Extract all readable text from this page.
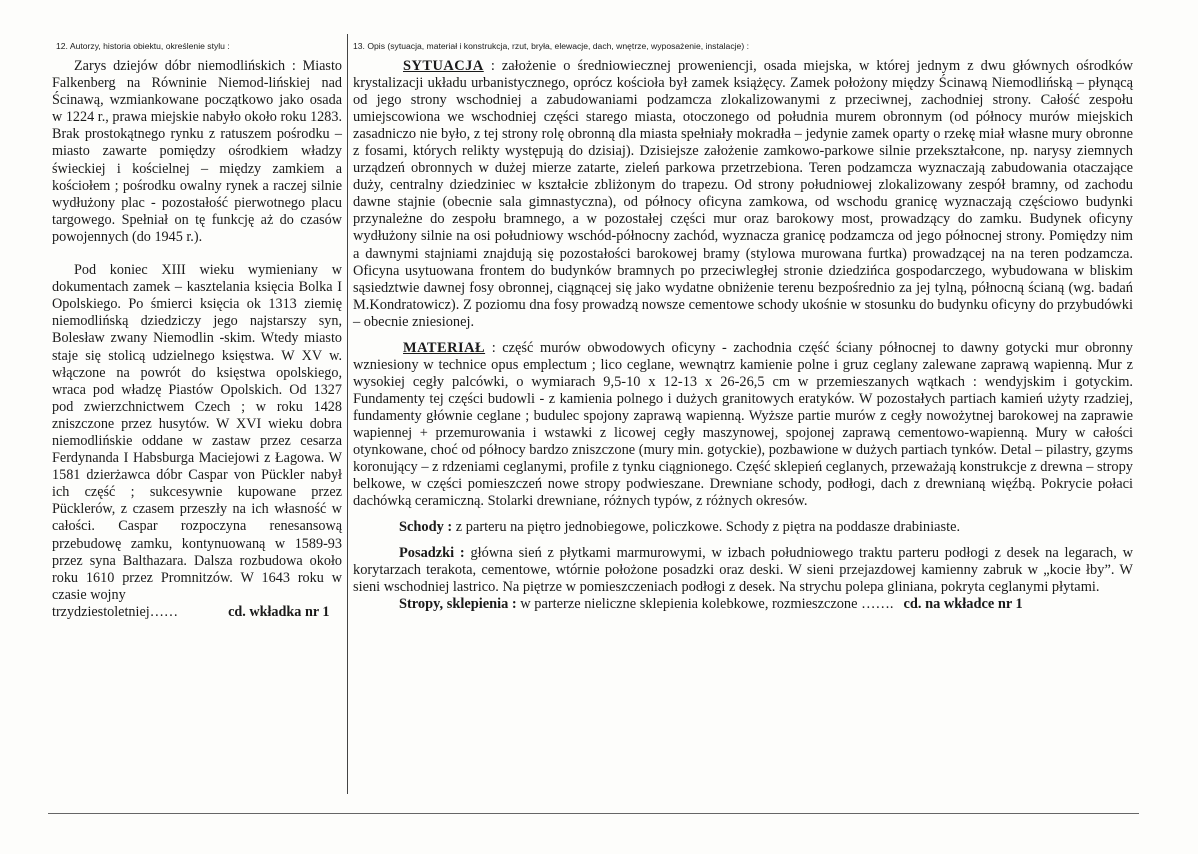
12. Autorzy, historia obiektu, określenie stylu :

Zarys dziejów dóbr niemodlińskich : Miasto Falkenberg na Równinie Niemod-lińskiej nad Ścinawą, wzmiankowane początkowo jako osada w 1224 r., prawa miejskie nabyło około roku 1283. Brak prostokątnego rynku z ratuszem pośrodku – miasto zawarte pomiędzy ośrodkiem władzy świeckiej i kościelnej – między zamkiem a kościołem ; pośrodku owalny rynek a raczej silnie wydłużony plac - pozostałość pierwotnego placu targowego. Spełniał on tę funkcję aż do czasów powojennych (do 1945 r.).

Pod koniec XIII wieku wymieniany w dokumentach zamek – kasztelania księcia Bolka I Opolskiego. Po śmierci księcia ok 1313 ziemię niemodlińską dziedziczy jego najstarszy syn, Bolesław zwany Niemodlin -skim. Wtedy miasto staje się stolicą udzielnego księstwa. W XV w. włączone na powrót do księstwa opolskiego, wraca pod władzę Piastów Opolskich. Od 1327 pod zwierzchnictwem Czech ; w roku 1428 zniszczone przez husytów. W XVI wieku dobra niemodlińskie oddane w zastaw przez cesarza Ferdynanda I Habsburga Maciejowi z Łagowa. W 1581 dzierżawca dóbr Caspar von Pückler nabył ich część ; sukcesywnie kupowane przez Pücklerów, z czasem przeszły na ich własność w całości. Caspar rozpoczyna renesansową przebudowę zamku, kontynuowaną w 1589-93 przez syna Balthazara. Dalsza rozbudowa około roku 1610 przez Promnitzów. W 1643 roku w czasie wojny

trzydziestoletniej……	cd. wkładka nr 1

13. Opis (sytuacja, materiał i konstrukcja, rzut, bryła, elewacje, dach, wnętrze, wyposażenie, instalacje) :

SYTUACJA : założenie o średniowiecznej proweniencji, osada miejska, w której jednym z dwu głównych ośrodków krystalizacji układu urbanistycznego, oprócz kościoła był zamek książęcy. Zamek położony między Ścinawą Niemodlińską – płynącą od jego strony wschodniej a zabudowaniami podzamcza zlokalizowanymi z przeciwnej, zachodniej strony. Całość zespołu umiejscowiona we wschodniej części starego miasta, otoczonego od południa murem obronnym (od północy murów miejskich zasadniczo nie było, z tej strony rolę obronną dla miasta spełniały mokradła – jedynie zamek oparty o rzekę miał własne mury obronne z fosami, których relikty występują do dzisiaj). Dzisiejsze założenie zamkowo-parkowe silnie przekształcone, np. narysy ziemnych urządzeń obronnych w dużej mierze zatarte, zieleń parkowa przetrzebiona. Teren podzamcza wyznaczają zabudowania otaczające duży, centralny dziedziniec w kształcie zbliżonym do trapezu. Od strony południowej zlokalizowany zespół bramny, od zachodu dawne stajnie (obecnie sala gimnastyczna), od północy oficyna zamkowa, od wschodu granicę wyznaczają częściowo budynki przynależne do zespołu bramnego, a w pozostałej części mur oraz barokowy most, prowadzący do zamku. Budynek oficyny wydłużony silnie na osi południowy wschód-północny zachód, wyznacza granicę podzamcza od jego północnej strony. Pomiędzy nim a dawnymi stajniami znajdują się pozostałości barokowej bramy (stylowa murowana furtka) prowadzącej na na teren podzamcza. Oficyna usytuowana frontem do budynków bramnych po przeciwległej stronie dziedzińca gospodarczego, wybudowana w bliskim sąsiedztwie dawnej fosy obronnej, ciągnącej się jako wydatne obniżenie terenu bezpośrednio za jej tylną, północną ścianą (wg. badań M.Kondratowicz). Z poziomu dna fosy prowadzą nowsze cementowe schody ukośnie w stosunku do budynku oficyny do przybudówki – obecnie zniesionej.

MATERIAŁ : część murów obwodowych oficyny - zachodnia część ściany północnej to dawny gotycki mur obronny wzniesiony w technice opus emplectum ; lico ceglane, wewnątrz kamienie polne i gruz ceglany zalewane zaprawą wapienną. Mur z wysokiej cegły palcówki, o wymiarach 9,5-10 x 12-13 x 26-26,5 cm w przemieszanych wątkach : wendyjskim i gotyckim. Fundamenty tej części budowli - z kamienia polnego i dużych granitowych eratyków. W pozostałych partiach kamień użyty rzadziej, fundamenty głównie ceglane ; budulec spojony zaprawą wapienną. Wyższe partie murów z cegły nowożytnej barokowej na zaprawie wapiennej + przemurowania i wstawki z licowej cegły maszynowej, spojonej zaprawą cementowo-wapienną. Mury w całości otynkowane, choć od północy bardzo zniszczone (mury min. gotyckie), pozbawione w dużych partiach tynków. Detal – pilastry, gzyms koronujący – z rdzeniami ceglanymi, profile z tynku ciągnionego. Część sklepień ceglanych, przeważają konstrukcje z drewna – stropy belkowe, w części pomieszczeń nowe stropy podwieszane. Drewniane schody, podłogi, dach z drewnianą więźbą. Pokrycie połaci dachówką ceramiczną. Stolarki drewniane, różnych typów, z różnych okresów.

Schody : z parteru na piętro jednobiegowe, policzkowe. Schody z piętra na poddasze drabiniaste.

Posadzki : główna sień z płytkami marmurowymi, w izbach południowego traktu parteru podłogi z desek na legarach, w korytarzach terakota, cementowe, wtórnie położone posadzki oraz deski. W sieni przejazdowej kamienny zabruk w „kocie łby”. W sieni wschodniej lastrico. Na piętrze w pomieszczeniach podłogi z desek. Na strychu polepa gliniana, pokryta ceglanymi płytami.

Stropy, sklepienia : w parterze nieliczne sklepienia kolebkowe, rozmieszczone ……. cd. na wkładce nr 1
